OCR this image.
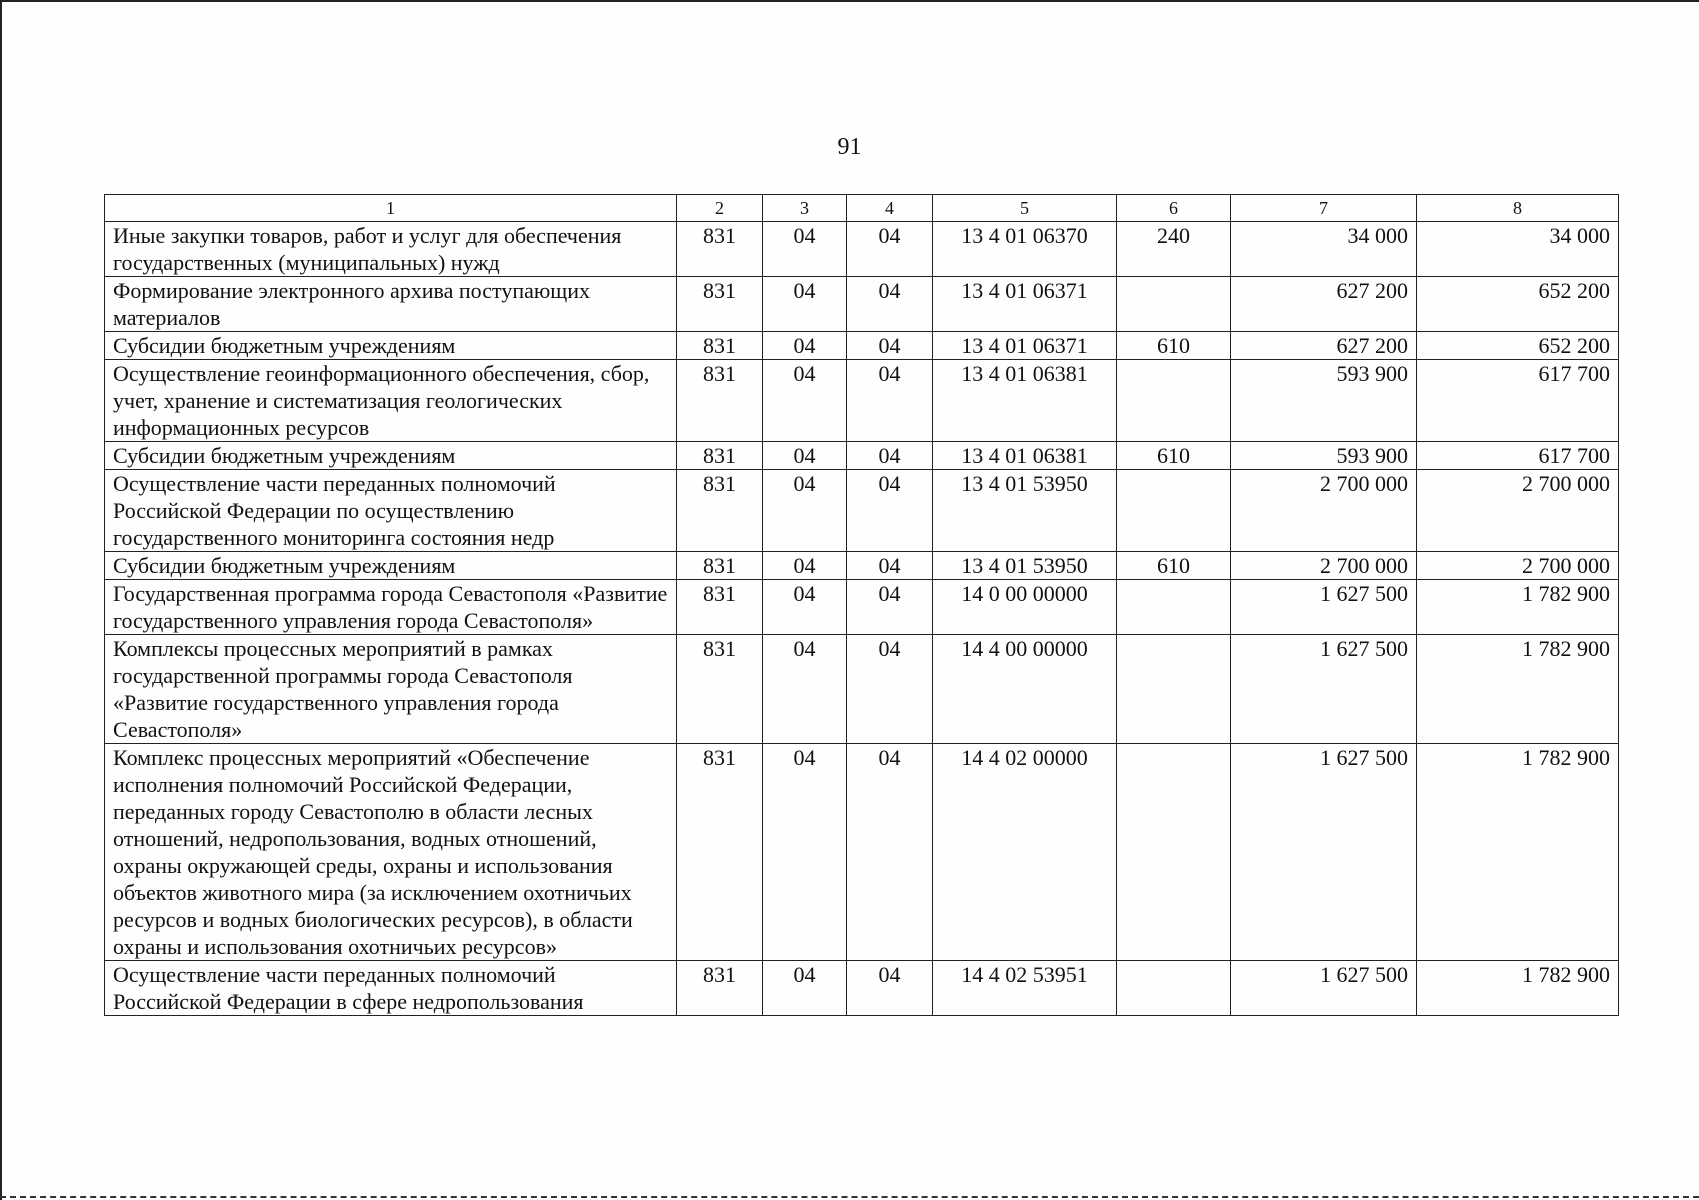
91
1	2	3	4	5	6	7	8
Иные закупки товаров, работ и услуг для обеспечения государственных (муниципальных) нужд	831	04	04	13 4 01 06370	240	34 000	34 000
Формирование электронного архива поступающих материалов	831	04	04	13 4 01 06371		627 200	652 200
Субсидии бюджетным учреждениям	831	04	04	13 4 01 06371	610	627 200	652 200
Осуществление геоинформационного обеспечения, сбор, учет, хранение и систематизация геологических информационных ресурсов	831	04	04	13 4 01 06381		593 900	617 700
Субсидии бюджетным учреждениям	831	04	04	13 4 01 06381	610	593 900	617 700
Осуществление части переданных полномочий Российской Федерации по осуществлению государственного мониторинга состояния недр	831	04	04	13 4 01 53950		2 700 000	2 700 000
Субсидии бюджетным учреждениям	831	04	04	13 4 01 53950	610	2 700 000	2 700 000
Государственная программа города Севастополя «Развитие государственного управления города Севастополя»	831	04	04	14 0 00 00000		1 627 500	1 782 900
Комплексы процессных мероприятий в рамках государственной программы города Севастополя «Развитие государственного управления города Севастополя»	831	04	04	14 4 00 00000		1 627 500	1 782 900
Комплекс процессных мероприятий «Обеспечение исполнения полномочий Российской Федерации, переданных городу Севастополю в области лесных отношений, недропользования, водных отношений, охраны окружающей среды, охраны и использования объектов животного мира (за исключением охотничьих ресурсов и водных биологических ресурсов), в области охраны и использования охотничьих ресурсов»	831	04	04	14 4 02 00000		1 627 500	1 782 900
Осуществление части переданных полномочий Российской Федерации в сфере недропользования	831	04	04	14 4 02 53951		1 627 500	1 782 900
